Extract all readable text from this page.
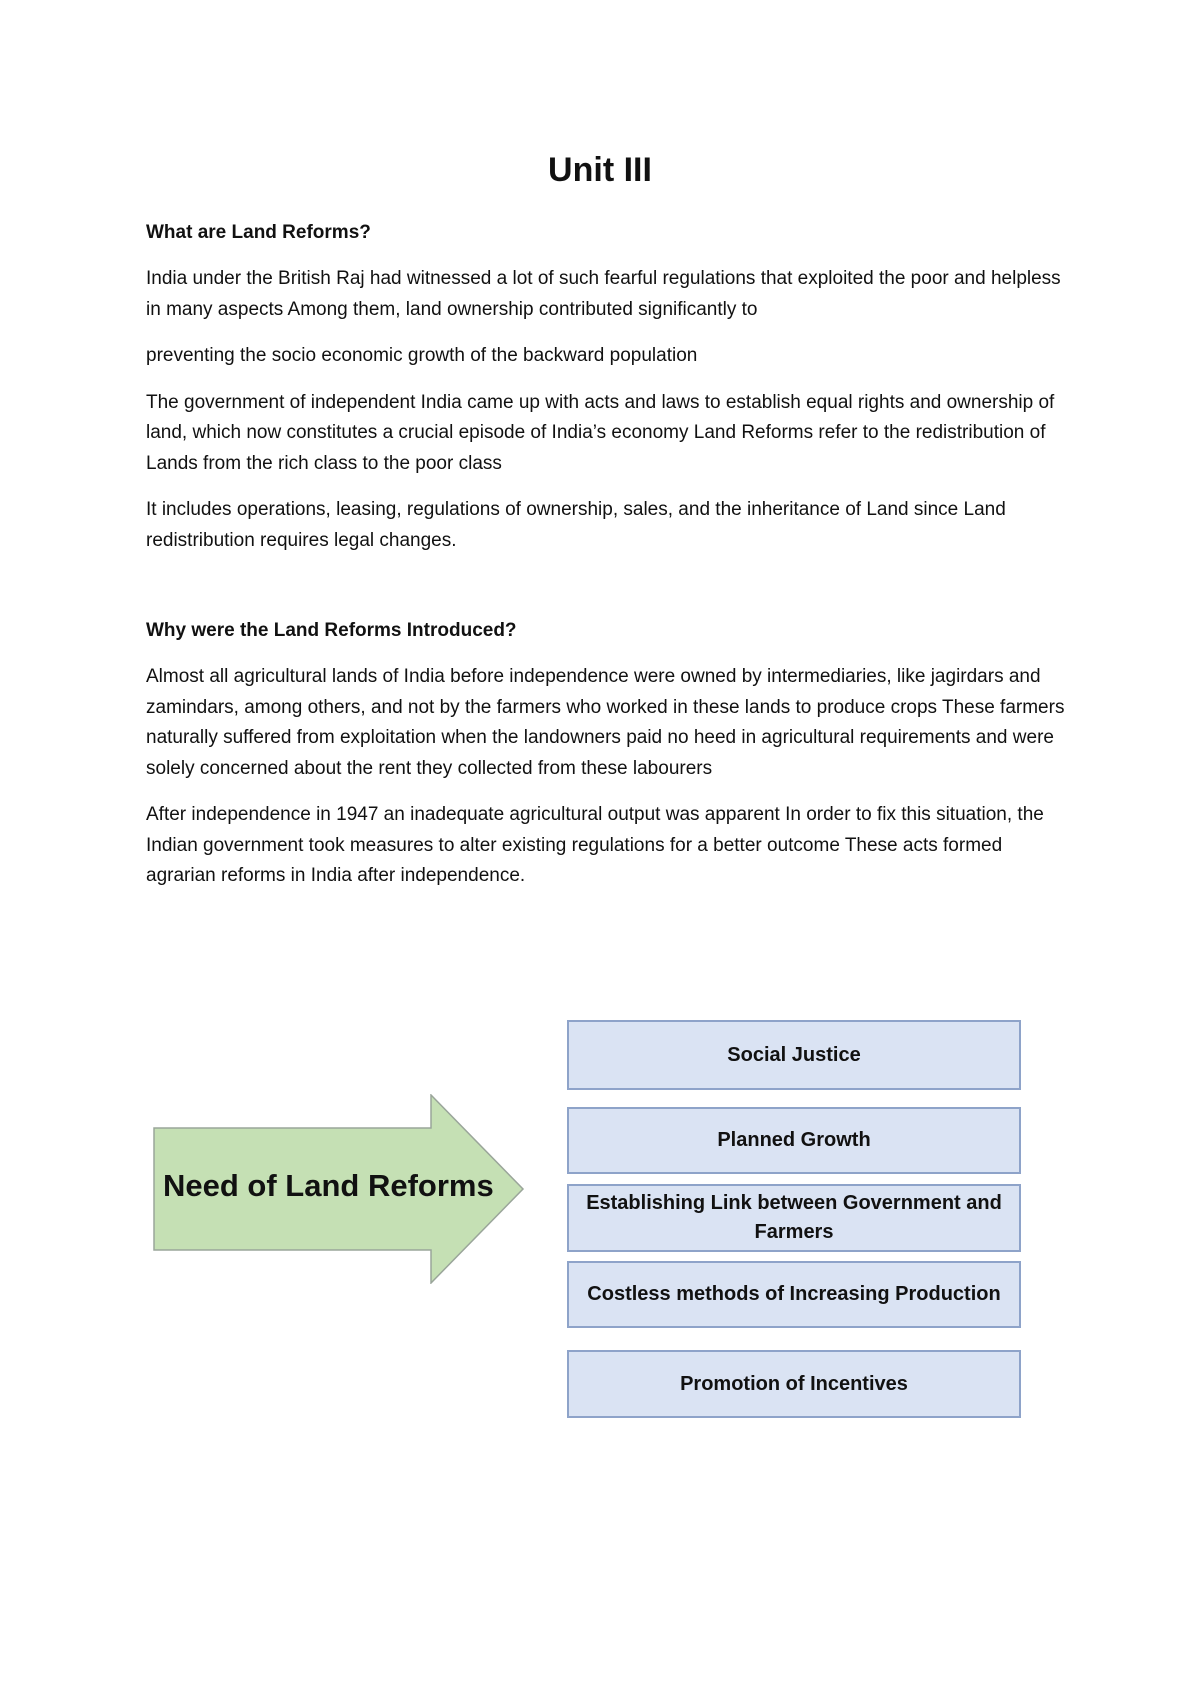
Unit III
What are Land Reforms?

India under the British Raj had witnessed a lot of such fearful regulations that exploited the poor and helpless in many aspects Among them, land ownership contributed significantly to

preventing the socio economic growth of the backward population

The government of independent India came up with acts and laws to establish equal rights and ownership of land, which now constitutes a crucial episode of India’s economy Land Reforms refer to the redistribution of Lands from the rich class to the poor class

It includes operations, leasing, regulations of ownership, sales, and the inheritance of Land since Land redistribution requires legal changes.

Why were the Land Reforms Introduced?

Almost all agricultural lands of India before independence were owned by intermediaries, like jagirdars and zamindars, among others, and not by the farmers who worked in these lands to produce crops These farmers naturally suffered from exploitation when the landowners paid no heed in agricultural requirements and were solely concerned about the rent they collected from these labourers

After independence in 1947 an inadequate agricultural output was apparent In order to fix this situation, the Indian government took measures to alter existing regulations for a better outcome These acts formed agrarian reforms in India after independence.

Need of Land Reforms
Social Justice
Planned Growth
Establishing Link between Government and Farmers
Costless methods of Increasing Production
Promotion of Incentives
